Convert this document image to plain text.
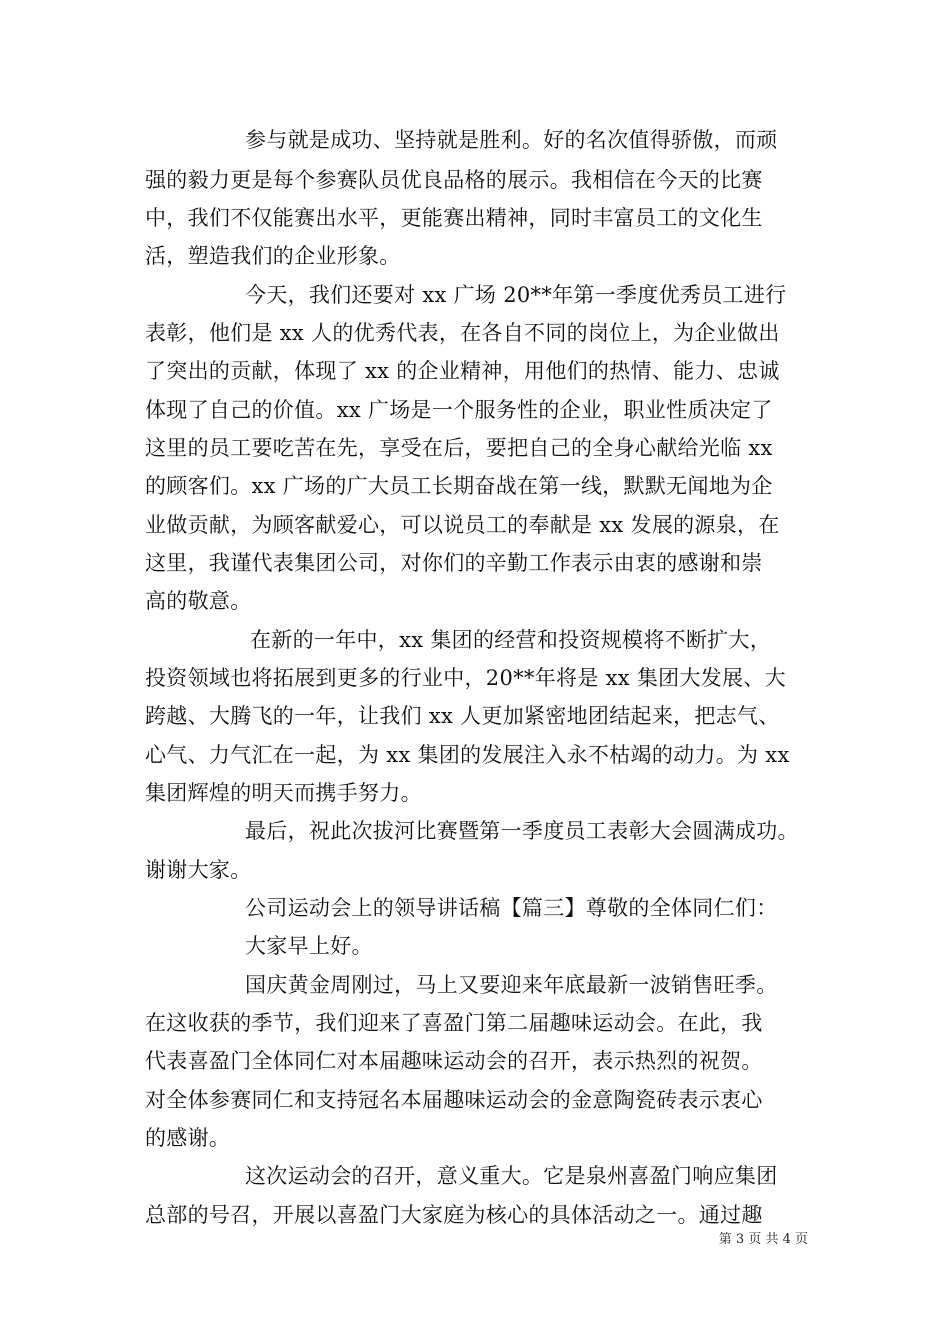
参与就是成功、坚持就是胜利。好的名次值得骄傲，而顽
强的毅力更是每个参赛队员优良品格的展示。我相信在今天的比赛
中，我们不仅能赛出水平，更能赛出精神，同时丰富员工的文化生
活，塑造我们的企业形象。
今天，我们还要对 xx 广场 20**年第一季度优秀员工进行
表彰，他们是 xx 人的优秀代表，在各自不同的岗位上，为企业做出
了突出的贡献，体现了 xx 的企业精神，用他们的热情、能力、忠诚
体现了自己的价值。xx 广场是一个服务性的企业，职业性质决定了
这里的员工要吃苦在先，享受在后，要把自己的全身心献给光临 xx
的顾客们。xx 广场的广大员工长期奋战在第一线，默默无闻地为企
业做贡献，为顾客献爱心，可以说员工的奉献是 xx 发展的源泉，在
这里，我谨代表集团公司，对你们的辛勤工作表示由衷的感谢和崇
高的敬意。
在新的一年中，xx 集团的经营和投资规模将不断扩大，
投资领域也将拓展到更多的行业中，20**年将是 xx 集团大发展、大
跨越、大腾飞的一年，让我们 xx 人更加紧密地团结起来，把志气、
心气、力气汇在一起，为 xx 集团的发展注入永不枯竭的动力。为 xx
集团辉煌的明天而携手努力。
最后，祝此次拔河比赛暨第一季度员工表彰大会圆满成功。
谢谢大家。
公司运动会上的领导讲话稿【篇三】尊敬的全体同仁们：
大家早上好。
国庆黄金周刚过，马上又要迎来年底最新一波销售旺季。
在这收获的季节，我们迎来了喜盈门第二届趣味运动会。在此，我
代表喜盈门全体同仁对本届趣味运动会的召开，表示热烈的祝贺。
对全体参赛同仁和支持冠名本届趣味运动会的金意陶瓷砖表示衷心
的感谢。
这次运动会的召开，意义重大。它是泉州喜盈门响应集团
总部的号召，开展以喜盈门大家庭为核心的具体活动之一。通过趣
第 3 页 共 4 页
